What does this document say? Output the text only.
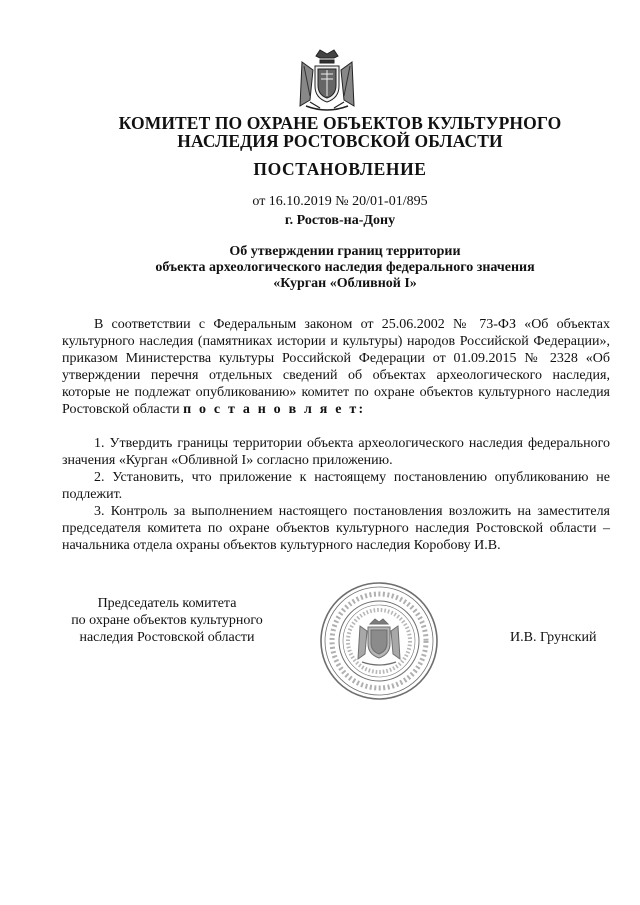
КОМИТЕТ ПО ОХРАНЕ ОБЪЕКТОВ КУЛЬТУРНОГО
НАСЛЕДИЯ РОСТОВСКОЙ ОБЛАСТИ
ПОСТАНОВЛЕНИЕ
от 16.10.2019 № 20/01-01/895
г. Ростов-на-Дону
Об утверждении границ территории
объекта археологического наследия федерального значения
«Курган «Обливной I»

В соответствии с Федеральным законом от 25.06.2002 № 73-ФЗ «Об объектах культурного наследия (памятниках истории и культуры) народов Российской Федерации», приказом Министерства культуры Российской Федерации от 01.09.2015 № 2328 «Об утверждении перечня отдельных сведений об объектах археологического наследия, которые не подлежат опубликованию» комитет по охране объектов культурного наследия Ростовской области п о с т а н о в л я е т:

1. Утвердить границы территории объекта археологического наследия федерального значения «Курган «Обливной I» согласно приложению.

2. Установить, что приложение к настоящему постановлению опубликованию не подлежит.

3. Контроль за выполнением настоящего постановления возложить на заместителя председателя комитета по охране объектов культурного наследия Ростовской области – начальника отдела охраны объектов культурного наследия Коробову И.В.

Председатель комитета
по охране объектов культурного
наследия Ростовской области	И.В. Грунский
